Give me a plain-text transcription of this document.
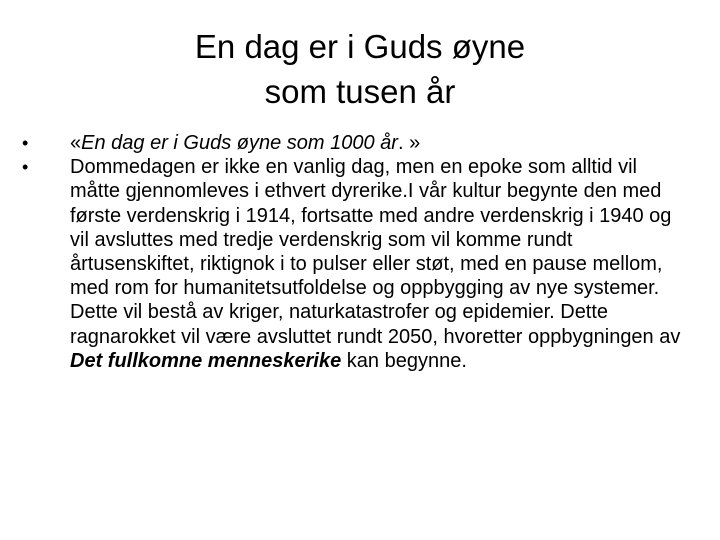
En dag er i Guds øyne
som tusen år

•	«En dag er i Guds øyne som 1000 år. »

•	Dommedagen er ikke en vanlig dag, men en epoke som alltid vil måtte gjennomleves i ethvert dyrerike.I vår kultur begynte den med første verdenskrig i 1914, fortsatte med andre verdenskrig i 1940 og vil avsluttes med tredje verdenskrig som vil komme rundt årtusenskiftet, riktignok i to pulser eller støt, med en pause mellom, med rom for humanitetsutfoldelse og oppbygging av nye systemer. Dette vil bestå av kriger, naturkatastrofer og epidemier. Dette ragnarokket vil være avsluttet rundt 2050, hvoretter oppbygningen av Det fullkomne menneskerike kan begynne.
